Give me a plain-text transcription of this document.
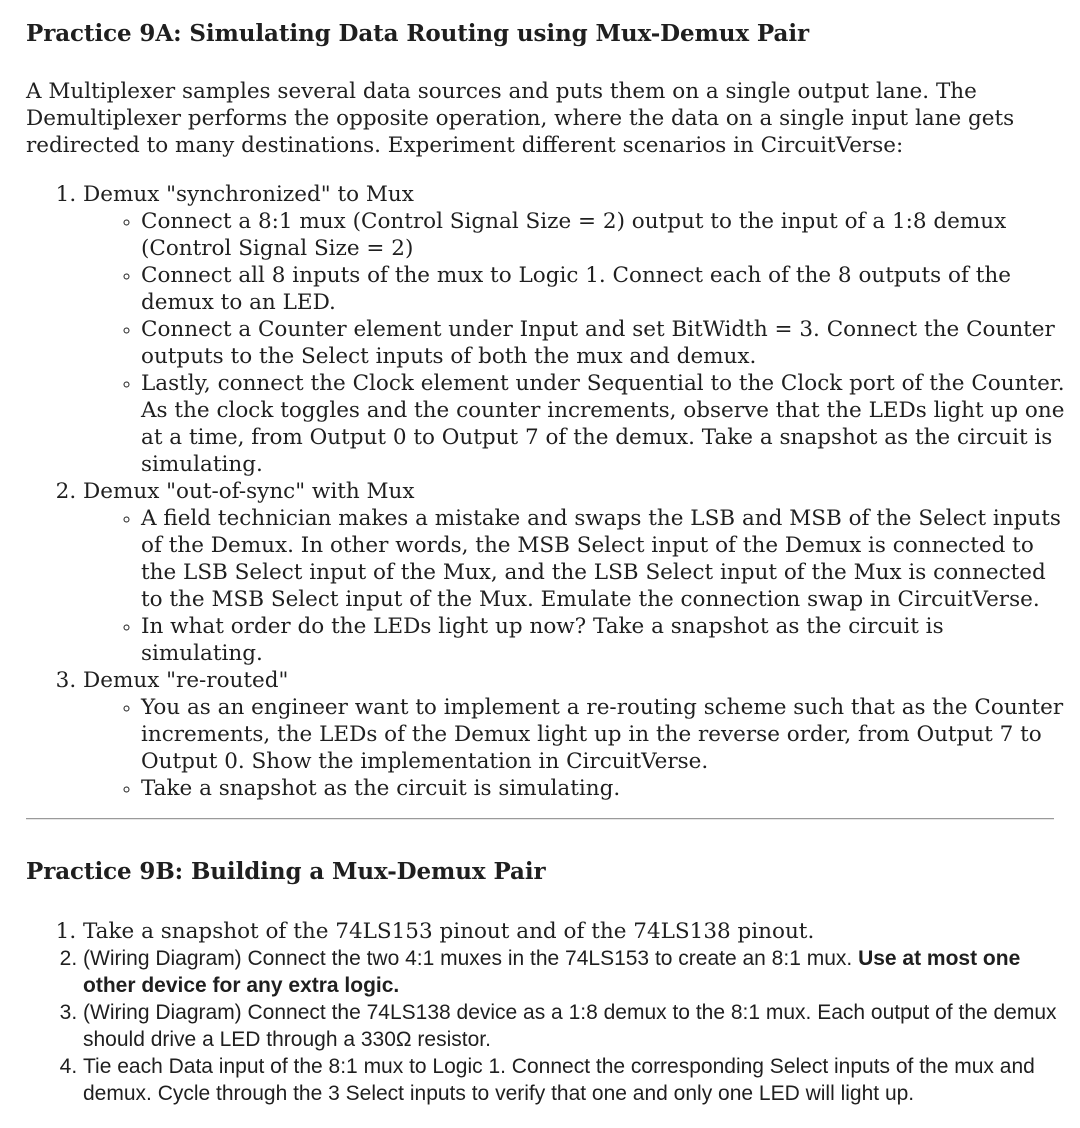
Practice 9A: Simulating Data Routing using Mux-Demux Pair

A Multiplexer samples several data sources and puts them on a single output lane. The Demultiplexer performs the opposite operation, where the data on a single input lane gets redirected to many destinations. Experiment different scenarios in CircuitVerse:

1. Demux "synchronized" to Mux
◦ Connect a 8:1 mux (Control Signal Size = 2) output to the input of a 1:8 demux (Control Signal Size = 2)
◦ Connect all 8 inputs of the mux to Logic 1. Connect each of the 8 outputs of the demux to an LED.
◦ Connect a Counter element under Input and set BitWidth = 3. Connect the Counter outputs to the Select inputs of both the mux and demux.
◦ Lastly, connect the Clock element under Sequential to the Clock port of the Counter. As the clock toggles and the counter increments, observe that the LEDs light up one at a time, from Output 0 to Output 7 of the demux. Take a snapshot as the circuit is simulating.
2. Demux "out-of-sync" with Mux
◦ A field technician makes a mistake and swaps the LSB and MSB of the Select inputs of the Demux. In other words, the MSB Select input of the Demux is connected to the LSB Select input of the Mux, and the LSB Select input of the Mux is connected to the MSB Select input of the Mux. Emulate the connection swap in CircuitVerse.
◦ In what order do the LEDs light up now? Take a snapshot as the circuit is simulating.
3. Demux "re-routed"
◦ You as an engineer want to implement a re-routing scheme such that as the Counter increments, the LEDs of the Demux light up in the reverse order, from Output 7 to Output 0. Show the implementation in CircuitVerse.
◦ Take a snapshot as the circuit is simulating.
Practice 9B: Building a Mux-Demux Pair
1. Take a snapshot of the 74LS153 pinout and of the 74LS138 pinout.
2. (Wiring Diagram) Connect the two 4:1 muxes in the 74LS153 to create an 8:1 mux. Use at most one other device for any extra logic.
3. (Wiring Diagram) Connect the 74LS138 device as a 1:8 demux to the 8:1 mux. Each output of the demux should drive a LED through a 330Ω resistor.
4. Tie each Data input of the 8:1 mux to Logic 1. Connect the corresponding Select inputs of the mux and demux. Cycle through the 3 Select inputs to verify that one and only one LED will light up.
